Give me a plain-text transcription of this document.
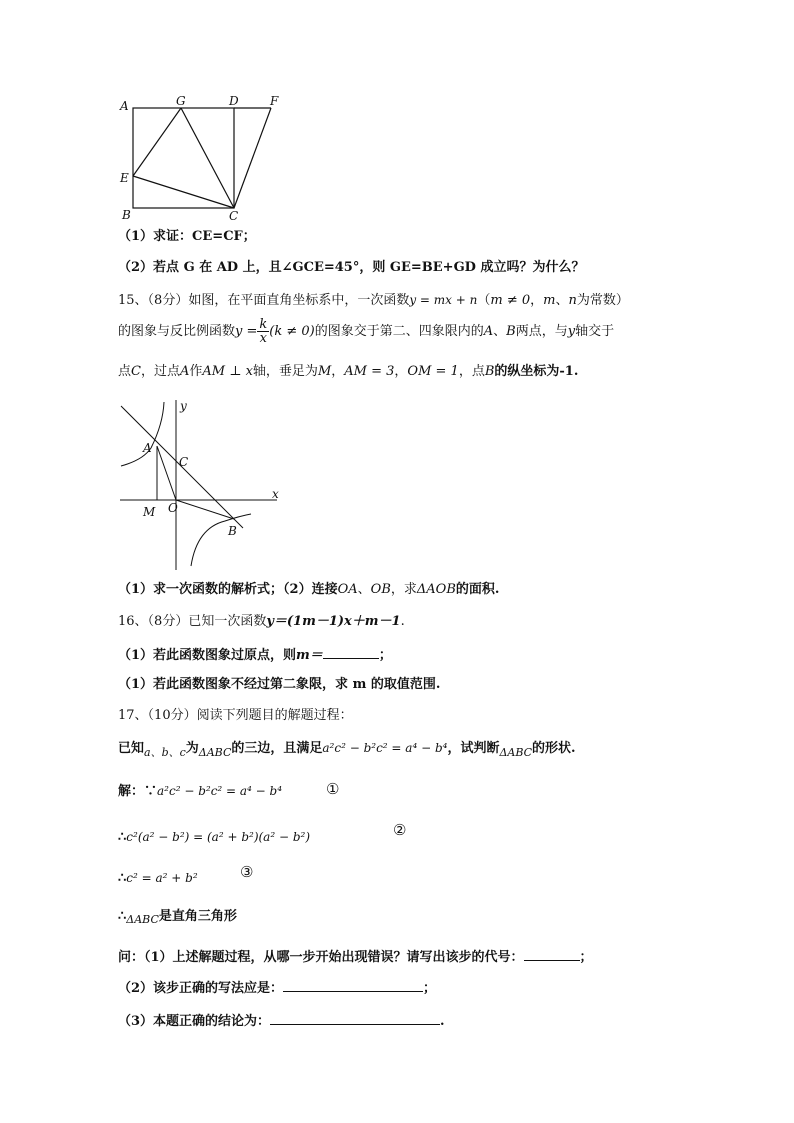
A	G	D	F
E
B	C
（1）求证：CE=CF；
（2）若点 G 在 AD 上，且∠GCE=45°，则 GE=BE+GD 成立吗？为什么？
15、（8分）如图，在平面直角坐标系中，一次函数y = mx + n（m ≠ 0，m、n为常数）
的图象与反比例函数$y = \frac{k}{x} (k \ne 0)$的图象交于第二、四象限内的A、B两点，与y轴交于
点C，过点A作AM ⊥ x轴，垂足为M，AM = 3，OM = 1，点B的纵坐标为-1.
y
x
A
C
M O
B
（1）求一次函数的解析式；（2）连接OA、OB，求ΔAOB的面积.
16、（8分）已知一次函数y＝(1m－1)x＋m－1.
（1）若此函数图象过原点，则m＝	；
（1）若此函数图象不经过第二象限，求 m 的取值范围.
17、（10分）阅读下列题目的解题过程：
已知$_{a、b、c}$为$_{\Delta ABC}$的三边，且满足a²c² − b²c² = a⁴ − b⁴，试判断$_{\Delta ABC}$的形状.
解：∵a²c² − b²c² = a⁴ − b⁴	①
∴c²(a² − b²) = (a² + b²)(a² − b²)	②
∴c² = a² + b²	③
$\therefore_{\Delta ABC}$是直角三角形
问：（1）上述解题过程，从哪一步开始出现错误？请写出该步的代号：	；
（2）该步正确的写法应是：	；
（3）本题正确的结论为：	.
